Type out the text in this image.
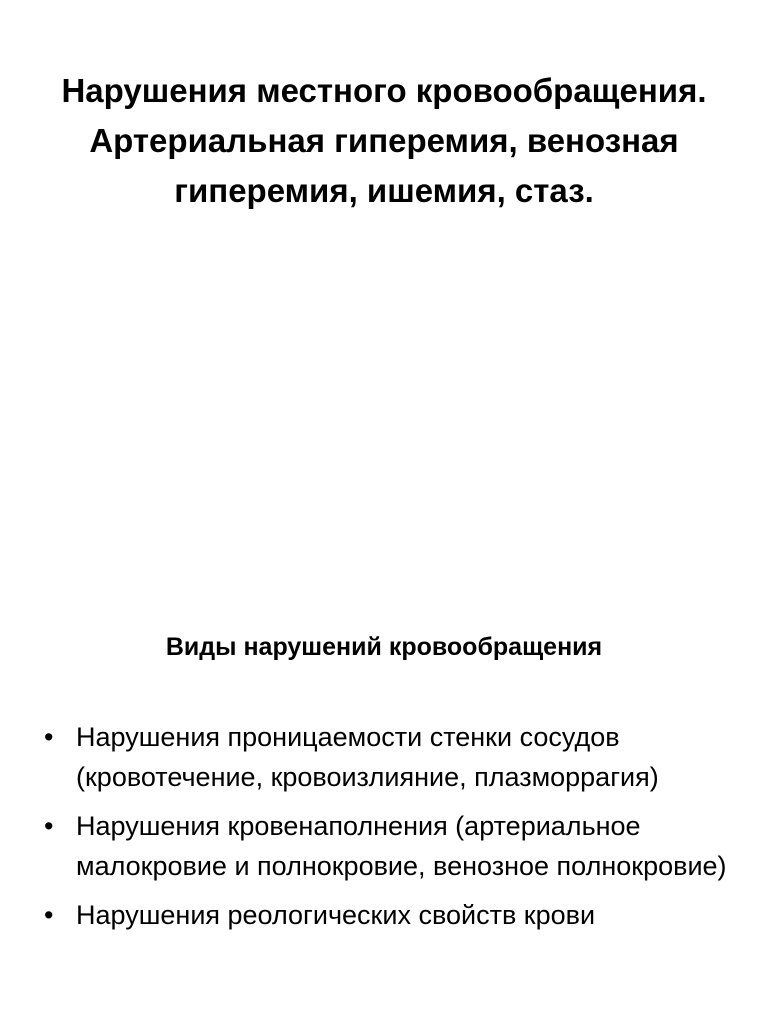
Нарушения местного кровообращения. Артериальная гиперемия, венозная гиперемия, ишемия, стаз.
Виды нарушений кровообращения
• Нарушения проницаемости стенки сосудов (кровотечение, кровоизлияние, плазморрагия)
• Нарушения кровенаполнения (артериальное малокровие и полнокровие, венозное полнокровие)
• Нарушения реологических свойств крови
